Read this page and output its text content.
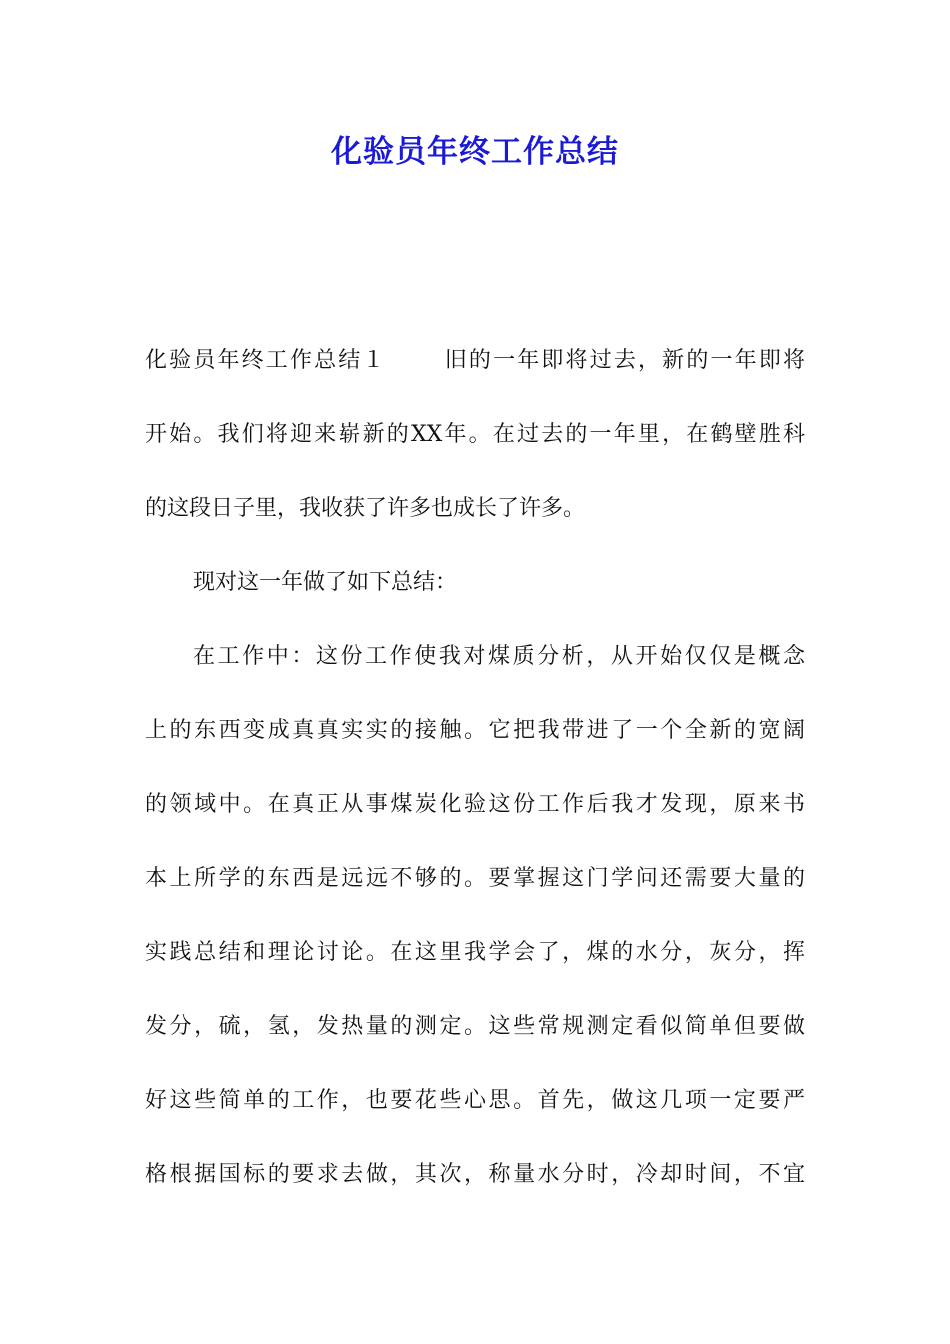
化验员年终工作总结
化验员年终工作总结１	旧的一年即将过去，新的一年即将
开始。我们将迎来崭新的XX年。在过去的一年里，在鹤壁胜科
的这段日子里，我收获了许多也成长了许多。
现对这一年做了如下总结：
在工作中：这份工作使我对煤质分析，从开始仅仅是概念
上的东西变成真真实实的接触。它把我带进了一个全新的宽阔
的领域中。在真正从事煤炭化验这份工作后我才发现，原来书
本上所学的东西是远远不够的。要掌握这门学问还需要大量的
实践总结和理论讨论。在这里我学会了，煤的水分，灰分，挥
发分，硫，氢，发热量的测定。这些常规测定看似简单但要做
好这些简单的工作，也要花些心思。首先，做这几项一定要严
格根据国标的要求去做，其次，称量水分时，冷却时间，不宜
